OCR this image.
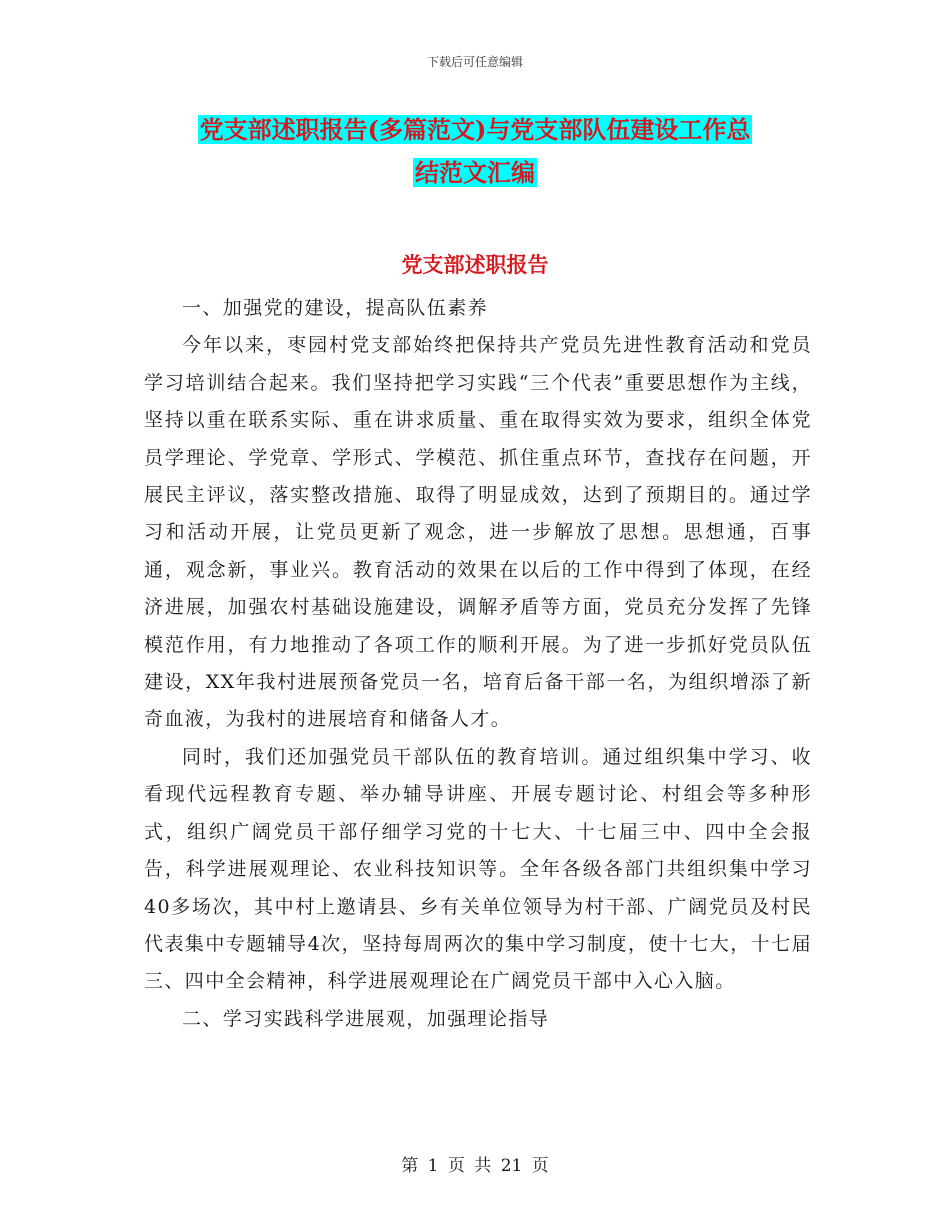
下载后可任意编辑
党支部述职报告(多篇范文)与党支部队伍建设工作总
结范文汇编
党支部述职报告

一、加强党的建设，提高队伍素养

今年以来，枣园村党支部始终把保持共产党员先进性教育活动和党员学习培训结合起来。我们坚持把学习实践“三个代表”重要思想作为主线，坚持以重在联系实际、重在讲求质量、重在取得实效为要求，组织全体党员学理论、学党章、学形式、学模范、抓住重点环节，查找存在问题，开展民主评议，落实整改措施、取得了明显成效，达到了预期目的。通过学习和活动开展，让党员更新了观念，进一步解放了思想。思想通，百事通，观念新，事业兴。教育活动的效果在以后的工作中得到了体现，在经济进展，加强农村基础设施建设，调解矛盾等方面，党员充分发挥了先锋模范作用，有力地推动了各项工作的顺利开展。为了进一步抓好党员队伍建设，XX年我村进展预备党员一名，培育后备干部一名，为组织增添了新奇血液，为我村的进展培育和储备人才。

同时，我们还加强党员干部队伍的教育培训。通过组织集中学习、收看现代远程教育专题、举办辅导讲座、开展专题讨论、村组会等多种形式，组织广阔党员干部仔细学习党的十七大、十七届三中、四中全会报告，科学进展观理论、农业科技知识等。全年各级各部门共组织集中学习40多场次，其中村上邀请县、乡有关单位领导为村干部、广阔党员及村民代表集中专题辅导4次，坚持每周两次的集中学习制度，使十七大，十七届三、四中全会精神，科学进展观理论在广阔党员干部中入心入脑。

二、学习实践科学进展观，加强理论指导

第 1 页 共 21 页
